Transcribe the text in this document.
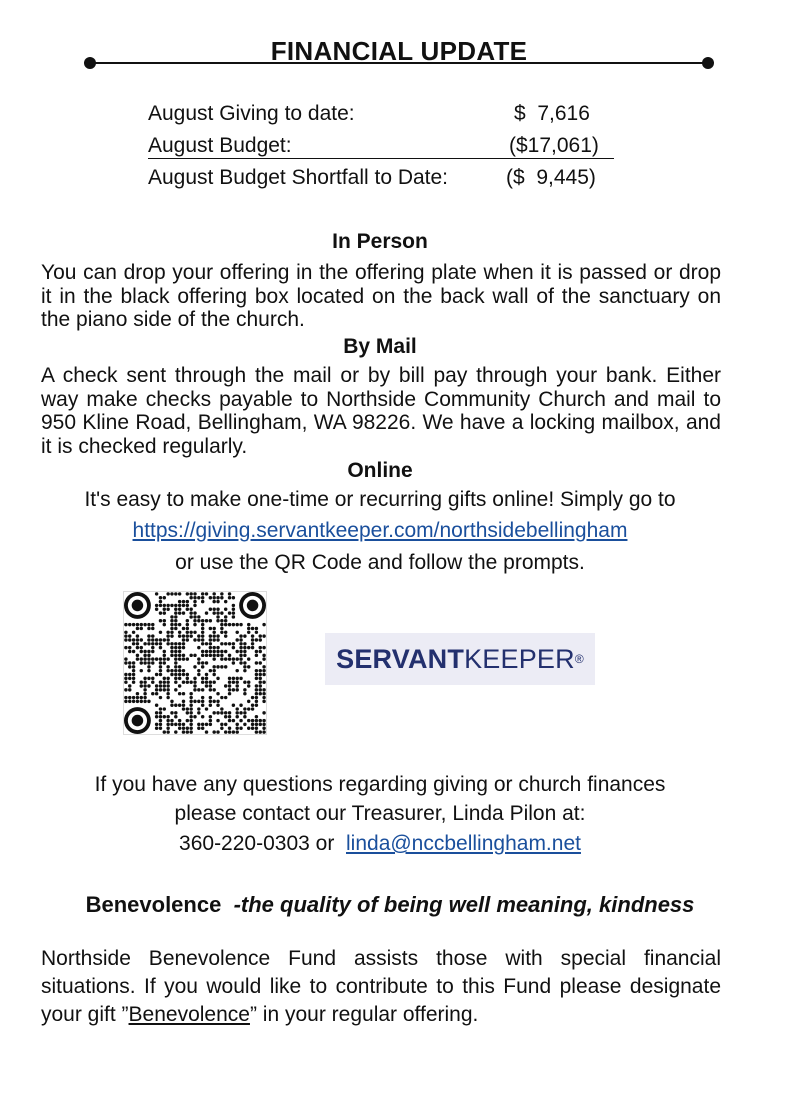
FINANCIAL UPDATE
August Giving to date:	$  7,616
August Budget:	($17,061)
August Budget Shortfall to Date:	($  9,445)
In Person
You can drop your offering in the offering plate when it is passed or drop it in the black offering box located on the back wall of the sanctuary on the piano side of the church.
By Mail
A check sent through the mail or by bill pay through your bank. Either way make checks payable to Northside Community Church and mail to 950 Kline Road, Bellingham, WA 98226. We have a locking mailbox, and it is checked regularly.
Online
It's easy to make one-time or recurring gifts online! Simply go to
https://giving.servantkeeper.com/northsidebellingham
or use the QR Code and follow the prompts.
SERVANT KEEPER ®
If you have any questions regarding giving or church finances
please contact our Treasurer, Linda Pilon at:
360-220-0303 or linda@nccbellingham.net
Benevolence -the quality of being well meaning, kindness
Northside Benevolence Fund assists those with special financial situations. If you would like to contribute to this Fund please designate your gift ”Benevolence” in your regular offering.
